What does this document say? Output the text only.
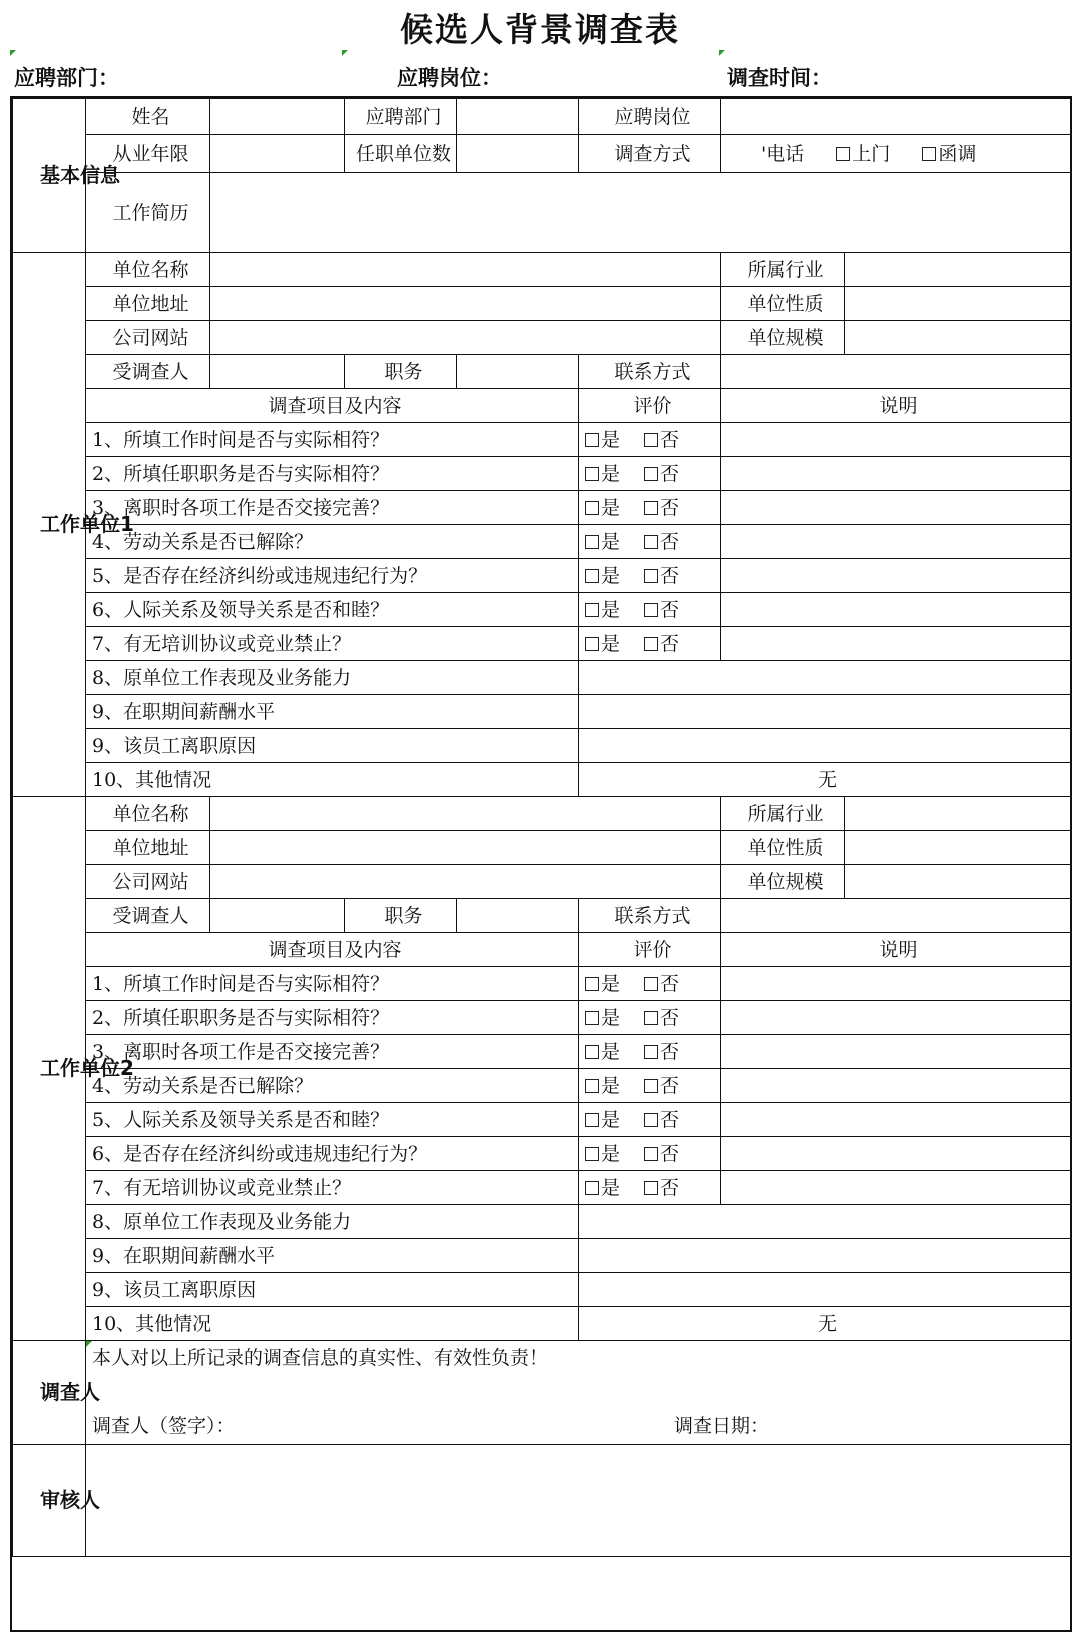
候选人背景调查表
应聘部门：	应聘岗位：	调查时间：
基本信息	姓名		应聘部门		应聘岗位		
	从业年限		任职单位数		调查方式	'电话 上门 函调	
	工作简历						
工作单位1	单位名称					所属行业	
	单位地址					单位性质	
	公司网站					单位规模	
	受调查人		职务		联系方式		
	调查项目及内容				评价	说明	
	1、所填工作时间是否与实际相符？				是 否		
	2、所填任职职务是否与实际相符？				是 否		
	3、离职时各项工作是否交接完善？				是 否		
	4、劳动关系是否已解除？				是 否		
	5、是否存在经济纠纷或违规违纪行为？				是 否		
	6、人际关系及领导关系是否和睦？				是 否		
	7、有无培训协议或竞业禁止？				是 否		
	8、原单位工作表现及业务能力						
	9、在职期间薪酬水平						
	9、该员工离职原因						
	10、其他情况				无		
工作单位2	单位名称					所属行业	
	单位地址					单位性质	
	公司网站					单位规模	
	受调查人		职务		联系方式		
	调查项目及内容				评价	说明	
	1、所填工作时间是否与实际相符？				是 否		
	2、所填任职职务是否与实际相符？				是 否		
	3、离职时各项工作是否交接完善？				是 否		
	4、劳动关系是否已解除？				是 否		
	5、人际关系及领导关系是否和睦？				是 否		
	6、是否存在经济纠纷或违规违纪行为？				是 否		
	7、有无培训协议或竞业禁止？				是 否		
	8、原单位工作表现及业务能力						
	9、在职期间薪酬水平						
	9、该员工离职原因						
	10、其他情况				无		
调查人	本人对以上所记录的调查信息的真实性、有效性负责！
调查人（签字）： 调查日期：						

审核人							
